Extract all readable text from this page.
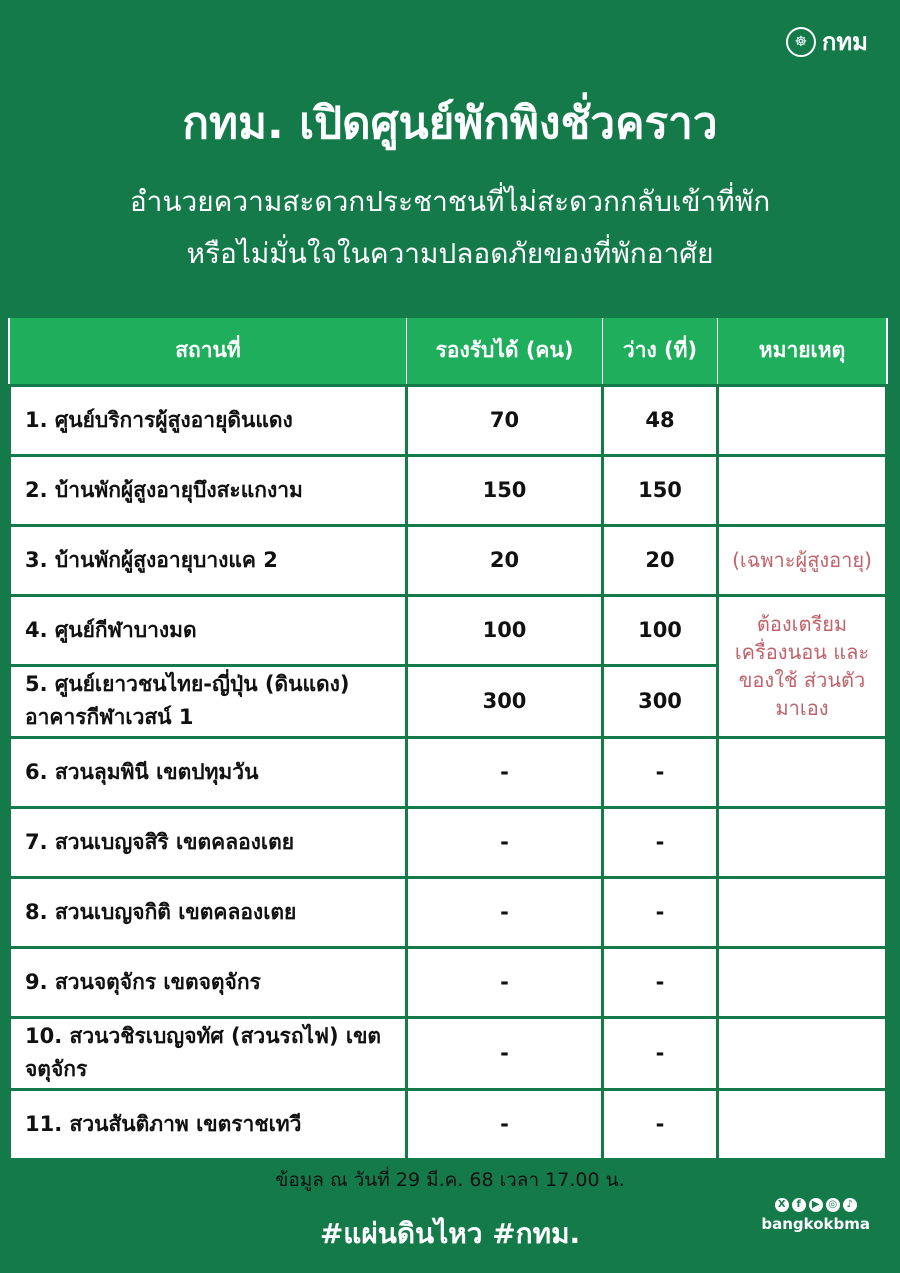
☸ กทม
กทม. เปิดศูนย์พักพิงชั่วคราว
อำนวยความสะดวกประชาชนที่ไม่สะดวกกลับเข้าที่พัก
หรือไม่มั่นใจในความปลอดภัยของที่พักอาศัย
สถานที่	รองรับได้ (คน)	ว่าง (ที่)	หมายเหตุ
1. ศูนย์บริการผู้สูงอายุดินแดง	70	48	
2. บ้านพักผู้สูงอายุบึงสะแกงาม	150	150	
3. บ้านพักผู้สูงอายุบางแค 2	20	20	(เฉพาะผู้สูงอายุ)
4. ศูนย์กีฬาบางมด	100	100	ต้องเตรียม เครื่องนอน และของใช้ ส่วนตัวมาเอง
5. ศูนย์เยาวชนไทย-ญี่ปุ่น (ดินแดง) อาคารกีฬาเวสน์ 1	300	300	
6. สวนลุมพินี เขตปทุมวัน	-	-	
7. สวนเบญจสิริ เขตคลองเตย	-	-	
8. สวนเบญจกิติ เขตคลองเตย	-	-	
9. สวนจตุจักร เขตจตุจักร	-	-	
10. สวนวชิรเบญจทัศ (สวนรถไฟ) เขตจตุจักร	-	-	
11. สวนสันติภาพ เขตราชเทวี	-	-	
ข้อมูล ณ วันที่ 29 มี.ค. 68 เวลา 17.00 น.
#แผ่นดินไหว #กทม.
X	f	▶ ◎ ♪
bangkokbma
